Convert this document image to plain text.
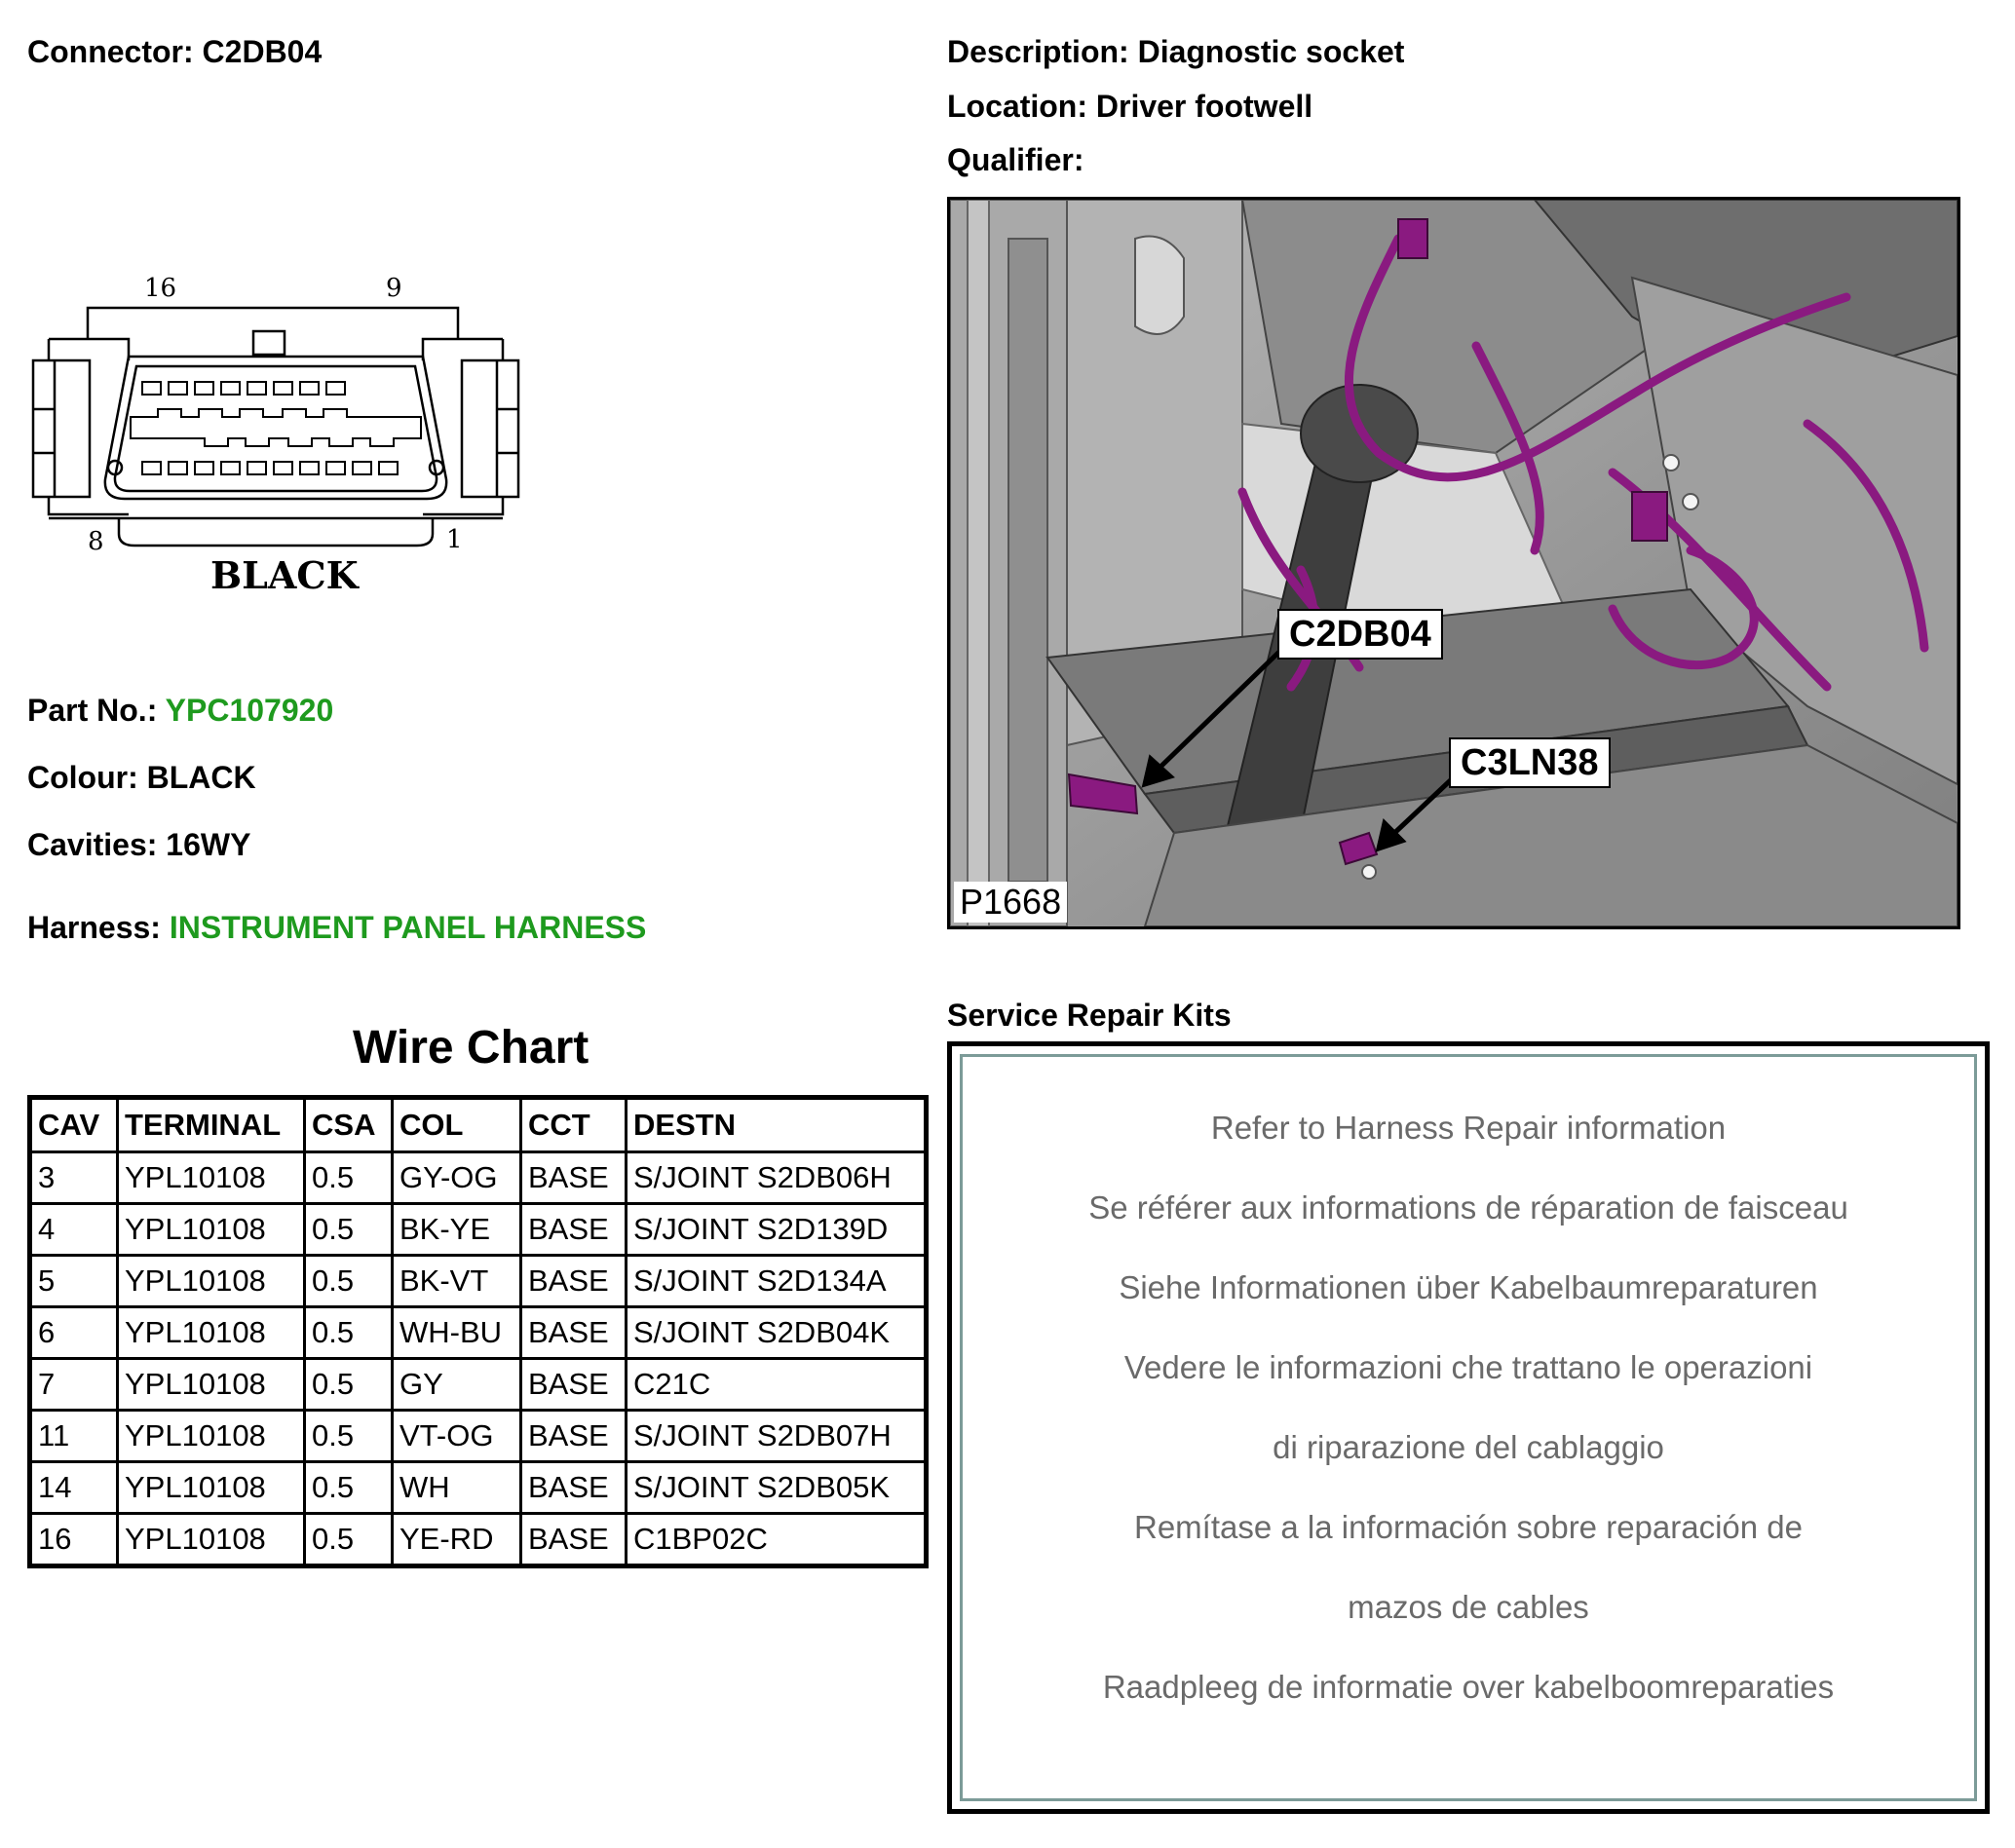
Connector: C2DB04	Description: Diagnostic socket
Location: Driver footwell
Qualifier:
16	9
8	1
BLACK
Part No.: YPC107920
Colour: BLACK
Cavities: 16WY
Harness: INSTRUMENT PANEL HARNESS
Wire Chart
CAV	TERMINAL	CSA	COL	CCT	DESTN
3	YPL10108	0.5	GY-OG	BASE	S/JOINT S2DB06H
4	YPL10108	0.5	BK-YE	BASE	S/JOINT S2D139D
5	YPL10108	0.5	BK-VT	BASE	S/JOINT S2D134A
6	YPL10108	0.5	WH-BU	BASE	S/JOINT S2DB04K
7	YPL10108	0.5	GY	BASE	C21C
11	YPL10108	0.5	VT-OG	BASE	S/JOINT S2DB07H
14	YPL10108	0.5	WH	BASE	S/JOINT S2DB05K
16	YPL10108	0.5	YE-RD	BASE	C1BP02C
C2DB04
C3LN38
P1668
Service Repair Kits
Refer to Harness Repair information
Se référer aux informations de réparation de faisceau
Siehe Informationen über Kabelbaumreparaturen
Vedere le informazioni che trattano le operazioni
di riparazione del cablaggio
Remítase a la información sobre reparación de
mazos de cables
Raadpleeg de informatie over kabelboomreparaties
